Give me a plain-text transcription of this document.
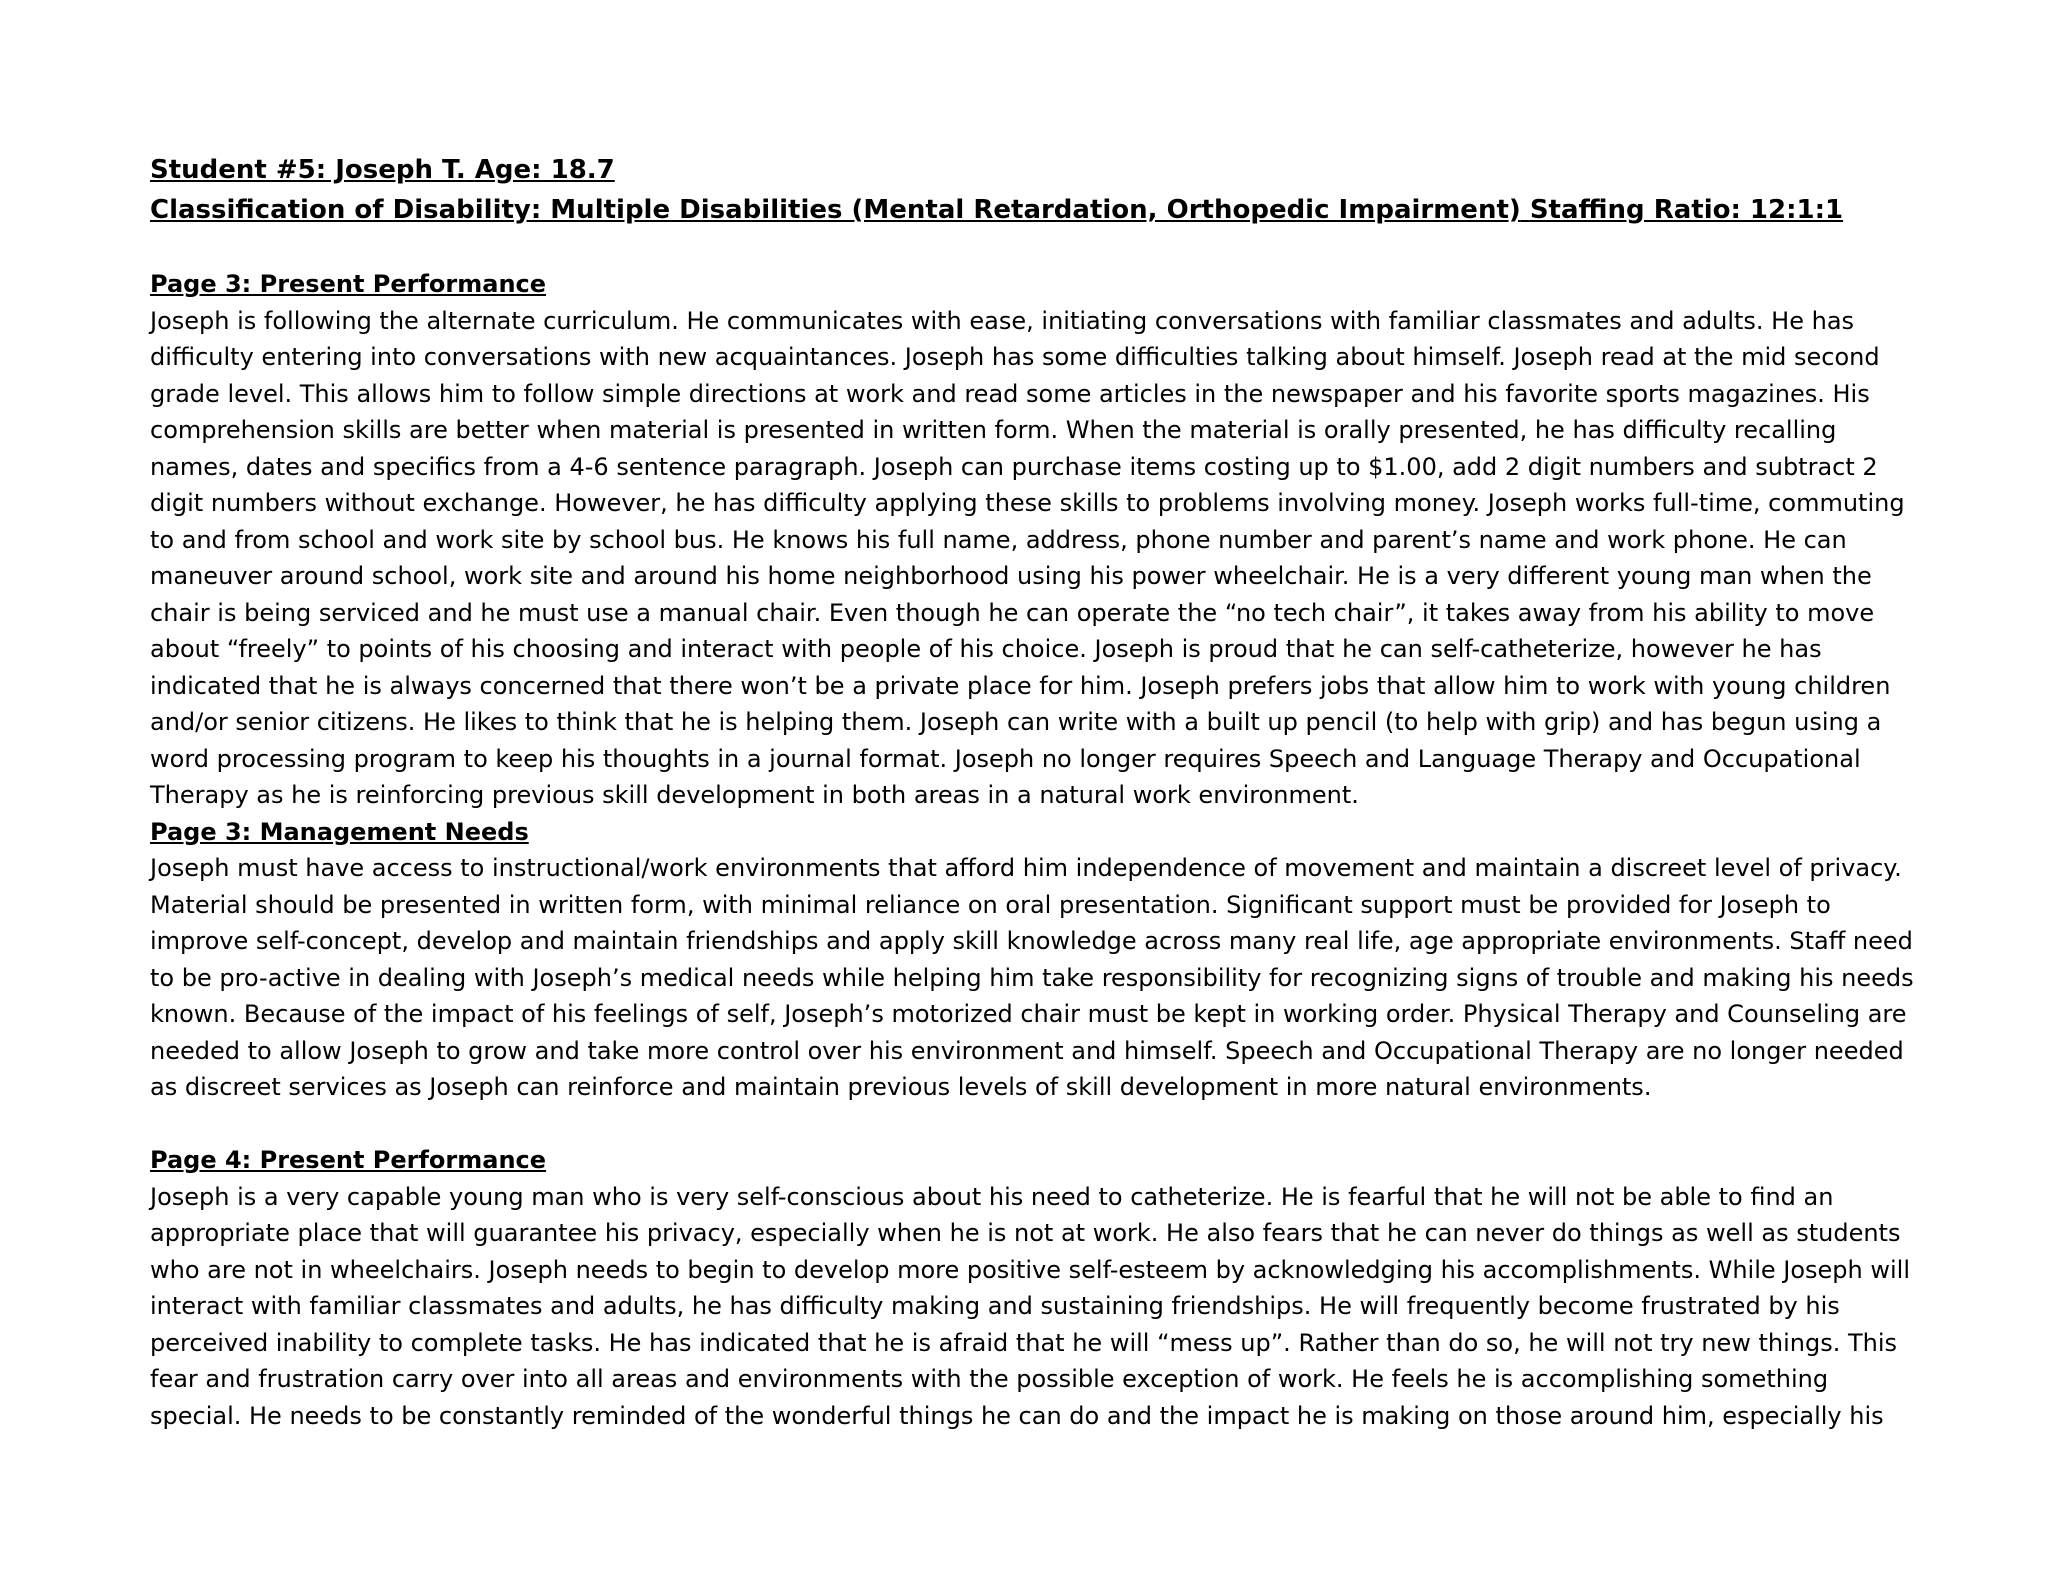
Student #5: Joseph T. Age: 18.7 Classification of Disability: Multiple Disabilities (Mental Retardation, Orthopedic Impairment) Staffing Ratio: 12:1:1

Page 3: Present Performance

Joseph is following the alternate curriculum. He communicates with ease, initiating conversations with familiar classmates and adults. He has difficulty entering into conversations with new acquaintances. Joseph has some difficulties talking about himself. Joseph read at the mid second grade level. This allows him to follow simple directions at work and read some articles in the newspaper and his favorite sports magazines. His comprehension skills are better when material is presented in written form. When the material is orally presented, he has difficulty recalling names, dates and specifics from a 4-6 sentence paragraph. Joseph can purchase items costing up to $1.00, add 2 digit numbers and subtract 2 digit numbers without exchange. However, he has difficulty applying these skills to problems involving money. Joseph works full-time, commuting to and from school and work site by school bus. He knows his full name, address, phone number and parent’s name and work phone. He can maneuver around school, work site and around his home neighborhood using his power wheelchair. He is a very different young man when the chair is being serviced and he must use a manual chair. Even though he can operate the “no tech chair”, it takes away from his ability to move about “freely” to points of his choosing and interact with people of his choice. Joseph is proud that he can self-catheterize, however he has indicated that he is always concerned that there won’t be a private place for him. Joseph prefers jobs that allow him to work with young children and/or senior citizens. He likes to think that he is helping them. Joseph can write with a built up pencil (to help with grip) and has begun using a word processing program to keep his thoughts in a journal format. Joseph no longer requires Speech and Language Therapy and Occupational Therapy as he is reinforcing previous skill development in both areas in a natural work environment.

Page 3: Management Needs

Joseph must have access to instructional/work environments that afford him independence of movement and maintain a discreet level of privacy. Material should be presented in written form, with minimal reliance on oral presentation. Significant support must be provided for Joseph to improve self-concept, develop and maintain friendships and apply skill knowledge across many real life, age appropriate environments. Staff need to be pro-active in dealing with Joseph’s medical needs while helping him take responsibility for recognizing signs of trouble and making his needs known. Because of the impact of his feelings of self, Joseph’s motorized chair must be kept in working order. Physical Therapy and Counseling are needed to allow Joseph to grow and take more control over his environment and himself. Speech and Occupational Therapy are no longer needed as discreet services as Joseph can reinforce and maintain previous levels of skill development in more natural environments.

Page 4: Present Performance

Joseph is a very capable young man who is very self-conscious about his need to catheterize. He is fearful that he will not be able to find an appropriate place that will guarantee his privacy, especially when he is not at work. He also fears that he can never do things as well as students who are not in wheelchairs. Joseph needs to begin to develop more positive self-esteem by acknowledging his accomplishments. While Joseph will interact with familiar classmates and adults, he has difficulty making and sustaining friendships. He will frequently become frustrated by his perceived inability to complete tasks. He has indicated that he is afraid that he will “mess up”. Rather than do so, he will not try new things. This fear and frustration carry over into all areas and environments with the possible exception of work. He feels he is accomplishing something special. He needs to be constantly reminded of the wonderful things he can do and the impact he is making on those around him, especially his
